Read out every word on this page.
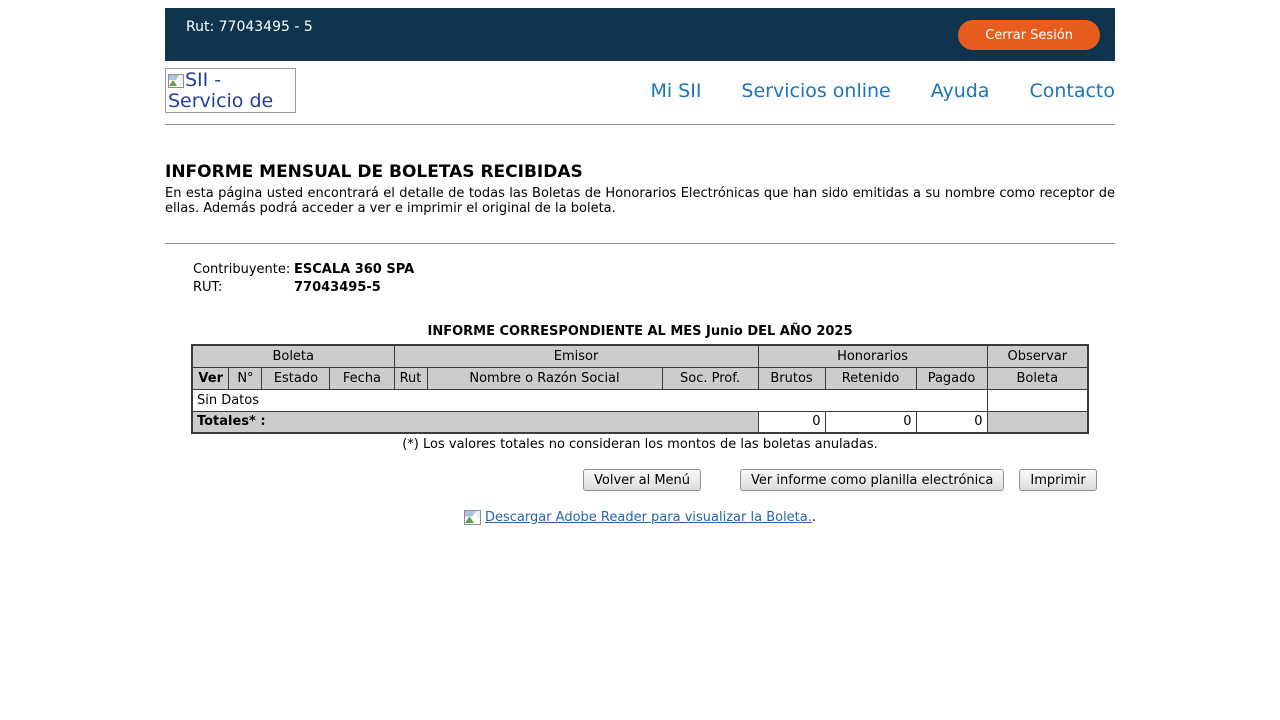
Rut: 77043495 - 5	Cerrar Sesión
SII - Servicio de	Mi SII Servicios online Ayuda Contacto
INFORME MENSUAL DE BOLETAS RECIBIDAS

En esta página usted encontrará el detalle de todas las Boletas de Honorarios Electrónicas que han sido emitidas a su nombre como receptor de ellas. Además podrá acceder a ver e imprimir el original de la boleta.

Contribuyente: ESCALA 360 SPA
RUT:	77043495-5
INFORME CORRESPONDIENTE AL MES Junio DEL AÑO 2025
Boleta				Emisor			Honorarios			Observar
Ver	N°	Estado	Fecha	Rut	Nombre o Razón Social	Soc. Prof.	Brutos	Retenido	Pagado	Boleta
Sin Datos										
Totales* :							0	0	0	
(*) Los valores totales no consideran los montos de las boletas anuladas.
Volver al Menú	Ver informe como planilla electrónica	Imprimir
Descargar Adobe Reader para visualizar la Boleta..
